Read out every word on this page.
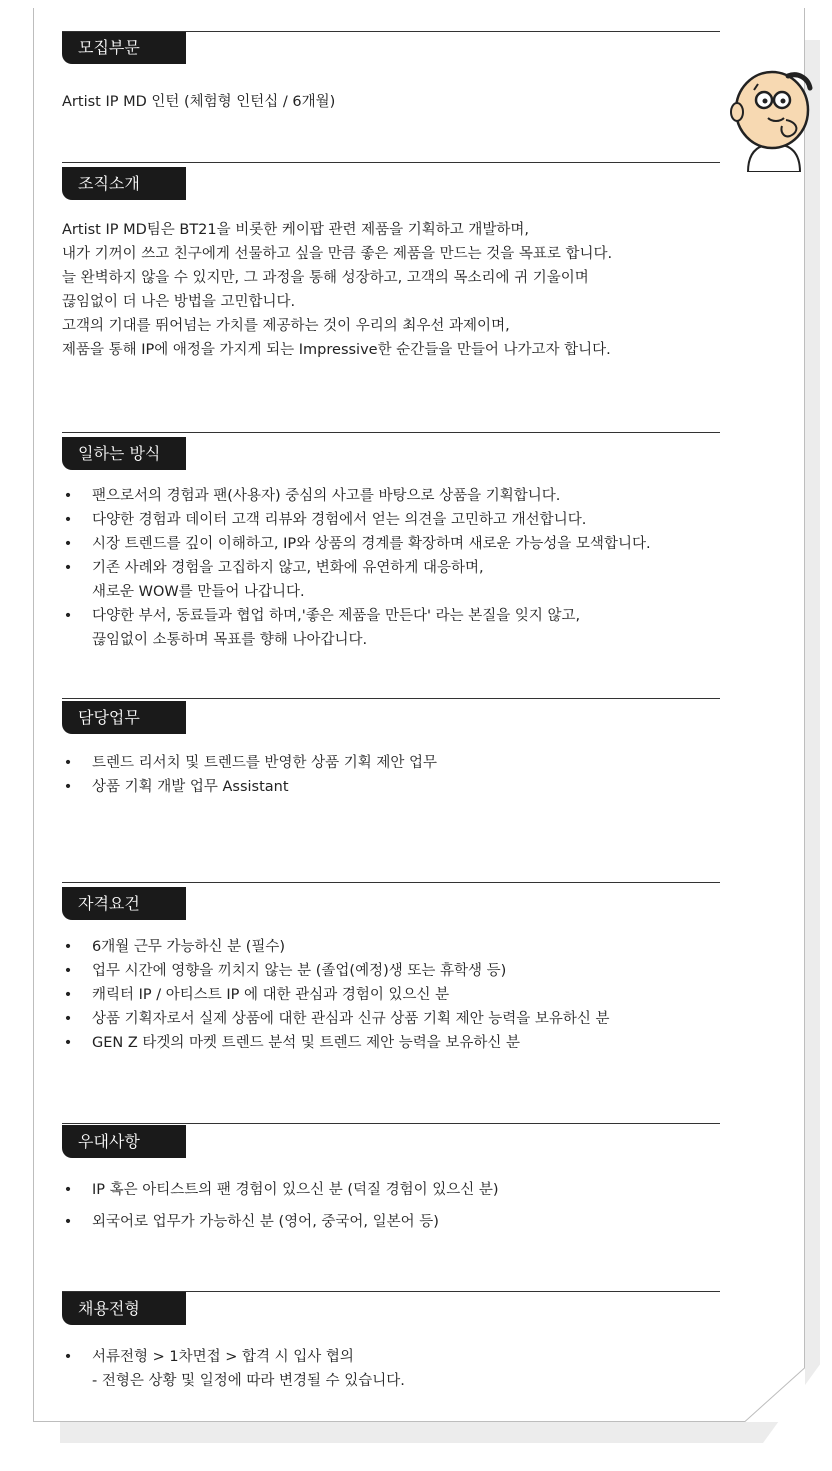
모집부문
Artist IP MD 인턴 (체험형 인턴십 / 6개월)
조직소개
Artist IP MD팀은 BT21을 비롯한 케이팝 관련 제품을 기획하고 개발하며,
내가 기꺼이 쓰고 친구에게 선물하고 싶을 만큼 좋은 제품을 만드는 것을 목표로 합니다.
늘 완벽하지 않을 수 있지만, 그 과정을 통해 성장하고, 고객의 목소리에 귀 기울이며
끊임없이 더 나은 방법을 고민합니다.
고객의 기대를 뛰어넘는 가치를 제공하는 것이 우리의 최우선 과제이며,
제품을 통해 IP에 애정을 가지게 되는 Impressive한 순간들을 만들어 나가고자 합니다.
일하는 방식
• 팬으로서의 경험과 팬(사용자) 중심의 사고를 바탕으로 상품을 기획합니다.
• 다양한 경험과 데이터 고객 리뷰와 경험에서 얻는 의견을 고민하고 개선합니다.
• 시장 트렌드를 깊이 이해하고, IP와 상품의 경계를 확장하며 새로운 가능성을 모색합니다.
• 기존 사례와 경험을 고집하지 않고, 변화에 유연하게 대응하며,
새로운 WOW를 만들어 나갑니다.
• 다양한 부서, 동료들과 협업 하며,'좋은 제품을 만든다' 라는 본질을 잊지 않고,
끊임없이 소통하며 목표를 향해 나아갑니다.
담당업무
• 트렌드 리서치 및 트렌드를 반영한 상품 기획 제안 업무
• 상품 기획 개발 업무 Assistant
자격요건
• 6개월 근무 가능하신 분 (필수)
• 업무 시간에 영향을 끼치지 않는 분 (졸업(예정)생 또는 휴학생 등)
• 캐릭터 IP / 아티스트 IP 에 대한 관심과 경험이 있으신 분
• 상품 기획자로서 실제 상품에 대한 관심과 신규 상품 기획 제안 능력을 보유하신 분
• GEN Z 타겟의 마켓 트렌드 분석 및 트렌드 제안 능력을 보유하신 분
우대사항
• IP 혹은 아티스트의 팬 경험이 있으신 분 (덕질 경험이 있으신 분)
• 외국어로 업무가 가능하신 분 (영어, 중국어, 일본어 등)
채용전형
• 서류전형 > 1차면접 > 합격 시 입사 협의
- 전형은 상황 및 일정에 따라 변경될 수 있습니다.
